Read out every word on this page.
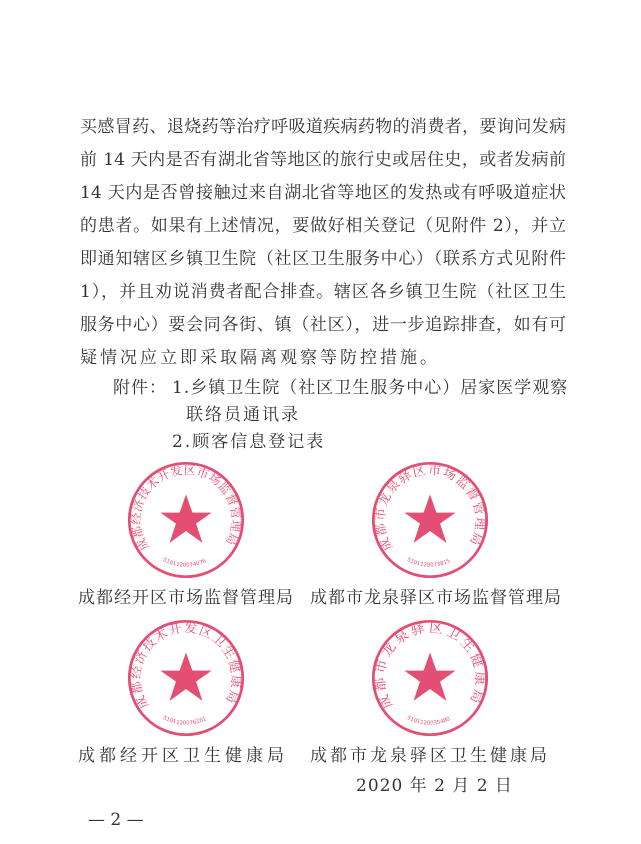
买感冒药、退烧药等治疗呼吸道疾病药物的消费者，要询问发病
前 14 天内是否有湖北省等地区的旅行史或居住史，或者发病前
14 天内是否曾接触过来自湖北省等地区的发热或有呼吸道症状
的患者。如果有上述情况，要做好相关登记（见附件 2），并立
即通知辖区乡镇卫生院（社区卫生服务中心）（联系方式见附件
1），并且劝说消费者配合排查。辖区各乡镇卫生院（社区卫生
服务中心）要会同各街、镇（社区），进一步追踪排查，如有可
疑情况应立即采取隔离观察等防控措施。
附件： 1.乡镇卫生院（社区卫生服务中心）居家医学观察
联络员通讯录
2.顾客信息登记表
成都经济技术开发区市场监督管理局
5101120074076
成都市龙泉驿区市场监督管理局
5101120073815
成都经济技术开发区卫生健康局
5101120076161
成都市龙泉驿区卫生健康局
5101120035480
成都经开区市场监督管理局 成都市龙泉驿区市场监督管理局
成都经开区卫生健康局 成都市龙泉驿区卫生健康局
2020 年 2 月 2 日
— 2 —
